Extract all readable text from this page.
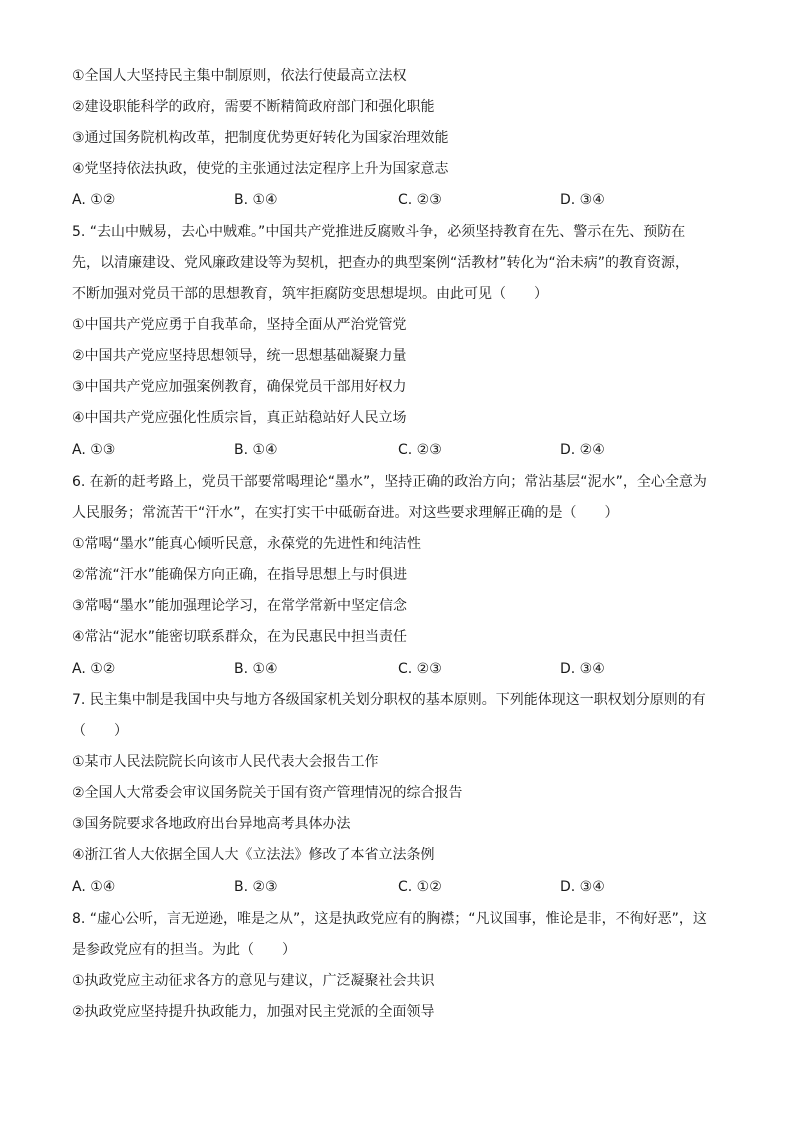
①全国人大坚持民主集中制原则，依法行使最高立法权
②建设职能科学的政府，需要不断精简政府部门和强化职能
③通过国务院机构改革，把制度优势更好转化为国家治理效能
④党坚持依法执政，使党的主张通过法定程序上升为国家意志
A. ①②	B. ①④	C. ②③	D. ③④
5. “去山中贼易，去心中贼难。”中国共产党推进反腐败斗争，必须坚持教育在先、警示在先、预防在
先，以清廉建设、党风廉政建设等为契机，把查办的典型案例“活教材”转化为“治未病”的教育资源，
不断加强对党员干部的思想教育，筑牢拒腐防变思想堤坝。由此可见（　　）
①中国共产党应勇于自我革命，坚持全面从严治党管党
②中国共产党应坚持思想领导，统一思想基础凝聚力量
③中国共产党应加强案例教育，确保党员干部用好权力
④中国共产党应强化性质宗旨，真正站稳站好人民立场
A. ①③	B. ①④	C. ②③	D. ②④
6. 在新的赶考路上，党员干部要常喝理论“墨水”，坚持正确的政治方向；常沾基层“泥水”，全心全意为
人民服务；常流苦干“汗水”，在实打实干中砥砺奋进。对这些要求理解正确的是（　　）
①常喝“墨水”能真心倾听民意，永葆党的先进性和纯洁性
②常流“汗水”能确保方向正确，在指导思想上与时俱进
③常喝“墨水”能加强理论学习，在常学常新中坚定信念
④常沾“泥水”能密切联系群众，在为民惠民中担当责任
A. ①②	B. ①④	C. ②③	D. ③④
7. 民主集中制是我国中央与地方各级国家机关划分职权的基本原则。下列能体现这一职权划分原则的有
（　　）
①某市人民法院院长向该市人民代表大会报告工作
②全国人大常委会审议国务院关于国有资产管理情况的综合报告
③国务院要求各地政府出台异地高考具体办法
④浙江省人大依据全国人大《立法法》修改了本省立法条例
A. ①④	B. ②③	C. ①②	D. ③④
8. “虚心公听，言无逆逊，唯是之从”，这是执政党应有的胸襟；“凡议国事，惟论是非，不徇好恶”，这
是参政党应有的担当。为此（　　）
①执政党应主动征求各方的意见与建议，广泛凝聚社会共识
②执政党应坚持提升执政能力，加强对民主党派的全面领导
